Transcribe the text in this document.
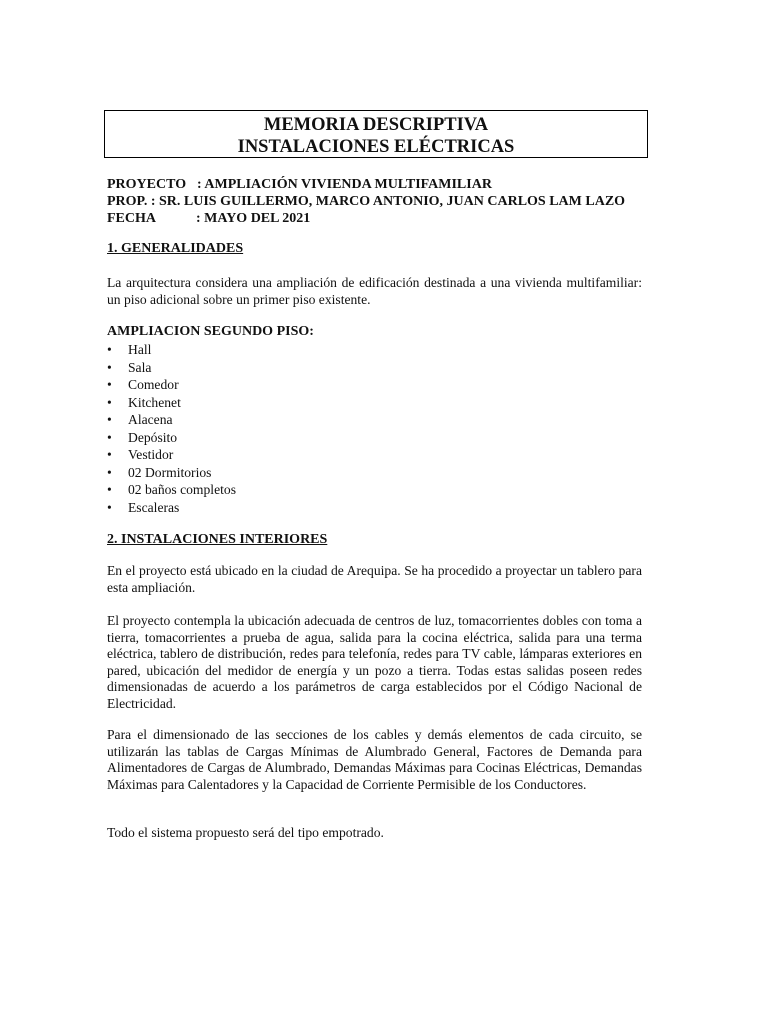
MEMORIA DESCRIPTIVA
INSTALACIONES ELÉCTRICAS
PROYECTO : AMPLIACIÓN VIVIENDA MULTIFAMILIAR
PROP. : SR. LUIS GUILLERMO, MARCO ANTONIO, JUAN CARLOS LAM LAZO
FECHA	: MAYO DEL 2021
1. GENERALIDADES
La arquitectura considera una ampliación de edificación destinada a una vivienda multifamiliar: un piso adicional sobre un primer piso existente.
AMPLIACION SEGUNDO PISO:
• Hall
• Sala
• Comedor
• Kitchenet
• Alacena
• Depósito
• Vestidor
• 02 Dormitorios
• 02 baños completos
• Escaleras
2. INSTALACIONES INTERIORES
En el proyecto está ubicado en la ciudad de Arequipa. Se ha procedido a proyectar un tablero para esta ampliación.
El proyecto contempla la ubicación adecuada de centros de luz, tomacorrientes dobles con toma a tierra, tomacorrientes a prueba de agua, salida para la cocina eléctrica, salida para una terma eléctrica, tablero de distribución, redes para telefonía, redes para TV cable, lámparas exteriores en pared, ubicación del medidor de energía y un pozo a tierra. Todas estas salidas poseen redes dimensionadas de acuerdo a los parámetros de carga establecidos por el Código Nacional de Electricidad.
Para el dimensionado de las secciones de los cables y demás elementos de cada circuito, se utilizarán las tablas de Cargas Mínimas de Alumbrado General, Factores de Demanda para Alimentadores de Cargas de Alumbrado, Demandas Máximas para Cocinas Eléctricas, Demandas Máximas para Calentadores y la Capacidad de Corriente Permisible de los Conductores.
Todo el sistema propuesto será del tipo empotrado.
